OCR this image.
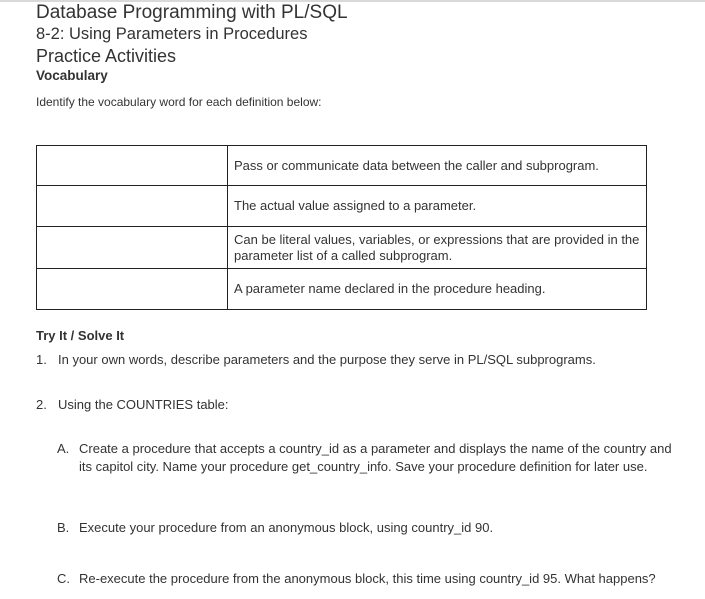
Database Programming with PL/SQL
8-2: Using Parameters in Procedures
Practice Activities
Vocabulary
Identify the vocabulary word for each definition below:
	Pass or communicate data between the caller and subprogram.
	The actual value assigned to a parameter.
	Can be literal values, variables, or expressions that are provided in the parameter list of a called subprogram.
	A parameter name declared in the procedure heading.
Try It / Solve It
1. In your own words, describe parameters and the purpose they serve in PL/SQL subprograms.
2. Using the COUNTRIES table:
A. Create a procedure that accepts a country_id as a parameter and displays the name of the country and its capitol city. Name your procedure get_country_info. Save your procedure definition for later use.
B. Execute your procedure from an anonymous block, using country_id 90.
C. Re-execute the procedure from the anonymous block, this time using country_id 95. What happens?
